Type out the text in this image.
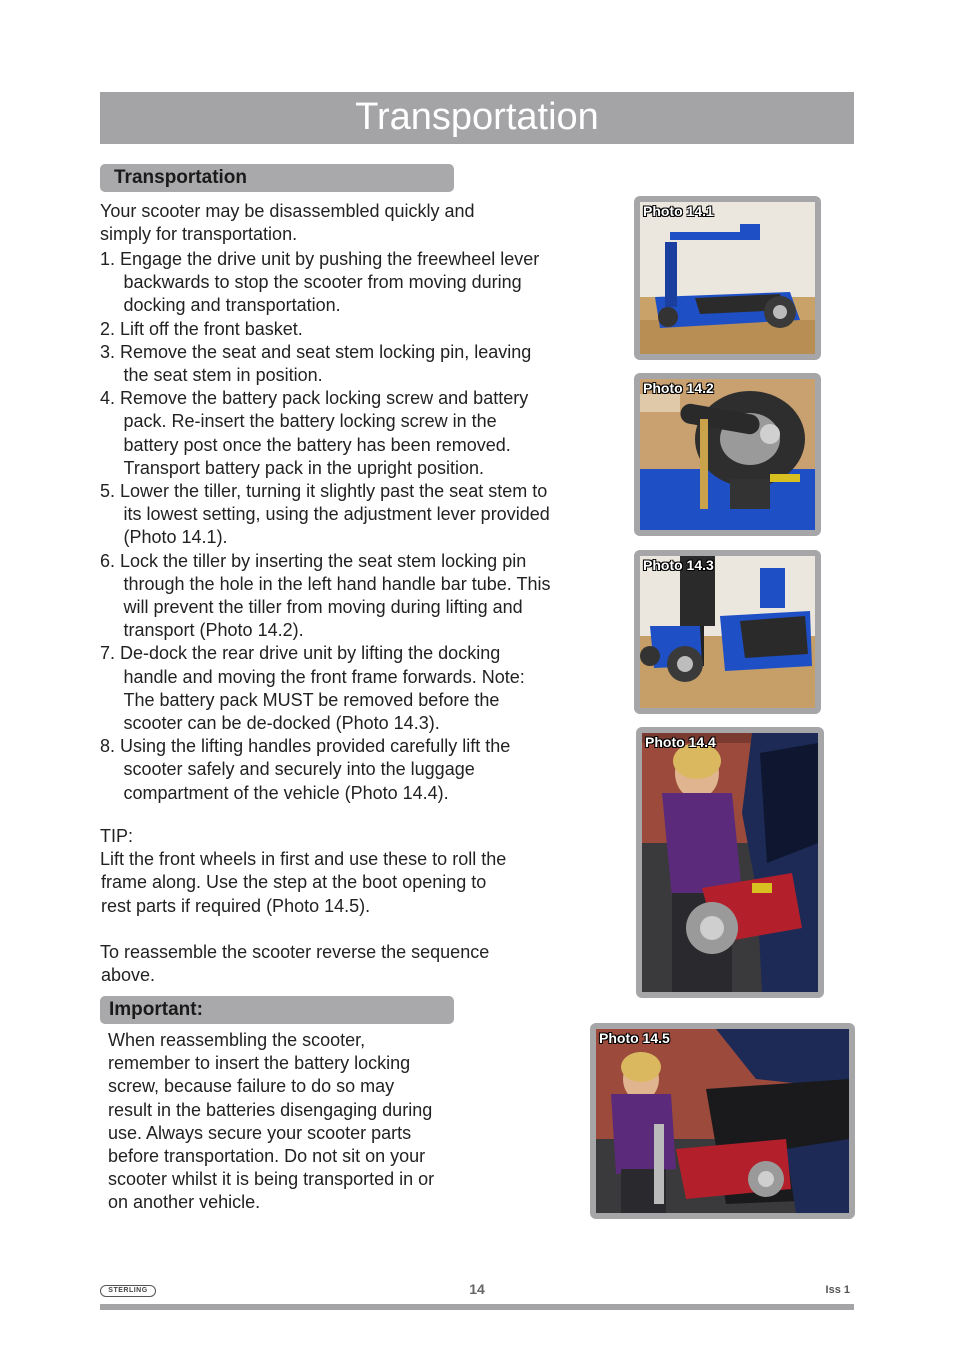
Transportation
Transportation

Your scooter may be disassembled quickly and

simply for transportation.

1. Engage the drive unit by pushing the freewheel lever backwards to stop the scooter from moving during docking and transportation.

2. Lift off the front basket.

3. Remove the seat and seat stem locking pin, leaving the seat stem in position.

4. Remove the battery pack locking screw and battery pack. Re-insert the battery locking screw in the battery post once the battery has been removed. Transport battery pack in the upright position.

5. Lower the tiller, turning it slightly past the seat stem to its lowest setting, using the adjustment lever provided (Photo 14.1).

6. Lock the tiller by inserting the seat stem locking pin through the hole in the left hand handle bar tube. This will prevent the tiller from moving during lifting and transport (Photo 14.2).

7. De-dock the rear drive unit by lifting the docking handle and moving the front frame forwards. Note: The battery pack MUST be removed before the scooter can be de-docked (Photo 14.3).

8. Using the lifting handles provided carefully lift the scooter safely and securely into the luggage compartment of the vehicle (Photo 14.4).

TIP:

Lift the front wheels in first and use these to roll the

frame along. Use the step at the boot opening to

rest parts if required (Photo 14.5).

To reassemble the scooter reverse the sequence

above.

Important:

When reassembling the scooter,

remember to insert the battery locking

screw, because failure to do so may

result in the batteries disengaging during

use. Always secure your scooter parts

before transportation. Do not sit on your

scooter whilst it is being transported in or

on another vehicle.

Photo 14.1
Photo 14.2
Photo 14.3
Photo 14.4
Photo 14.5
STERLING	14	Iss 1
